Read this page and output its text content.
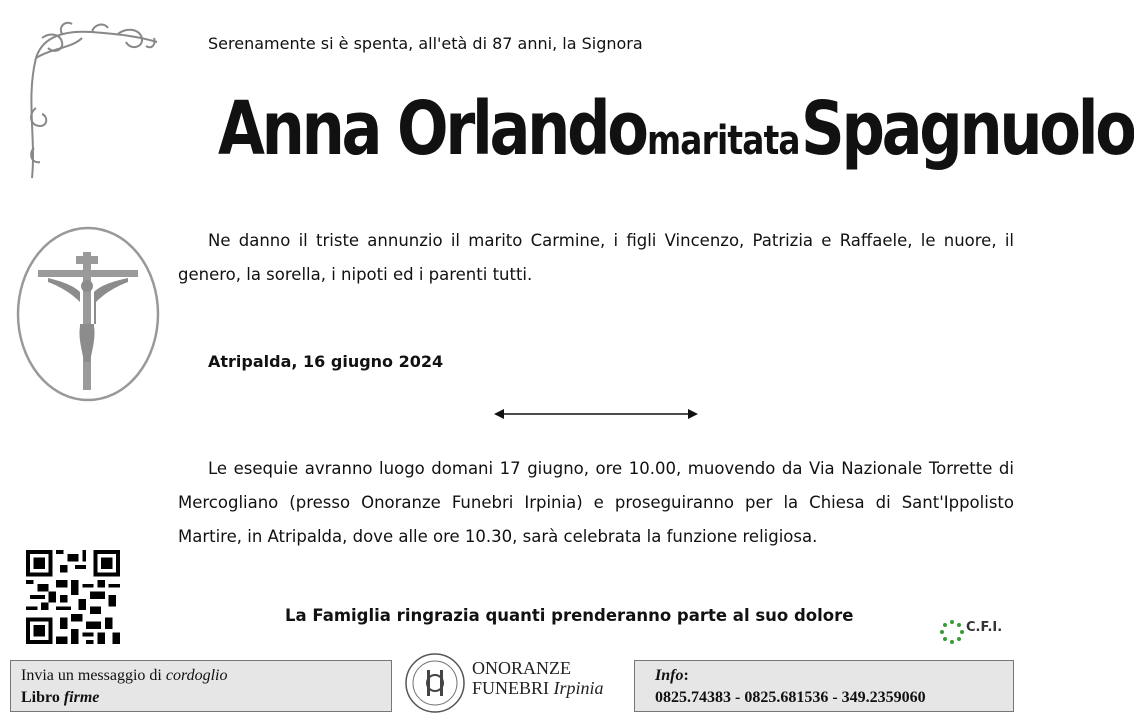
Serenamente si è spenta, all'età di 87 anni, la Signora
Anna Orlando maritata Spagnuolo
Ne danno il triste annunzio il marito Carmine, i figli Vincenzo, Patrizia e Raffaele, le nuore, il genero, la sorella, i nipoti ed i parenti tutti.
Atripalda, 16 giugno 2024
Le esequie avranno luogo domani 17 giugno, ore 10.00, muovendo da Via Nazionale Torrette di Mercogliano (presso Onoranze Funebri Irpinia) e proseguiranno per la Chiesa di Sant'Ippolisto Martire, in Atripalda, dove alle ore 10.30, sarà celebrata la funzione religiosa.
La Famiglia ringrazia quanti prenderanno parte al suo dolore
C.F.I.
Invia un messaggio di cordoglio
Libro firme
ONORANZE
FUNEBRI Irpinia
Info:
0825.74383 - 0825.681536 - 349.2359060
